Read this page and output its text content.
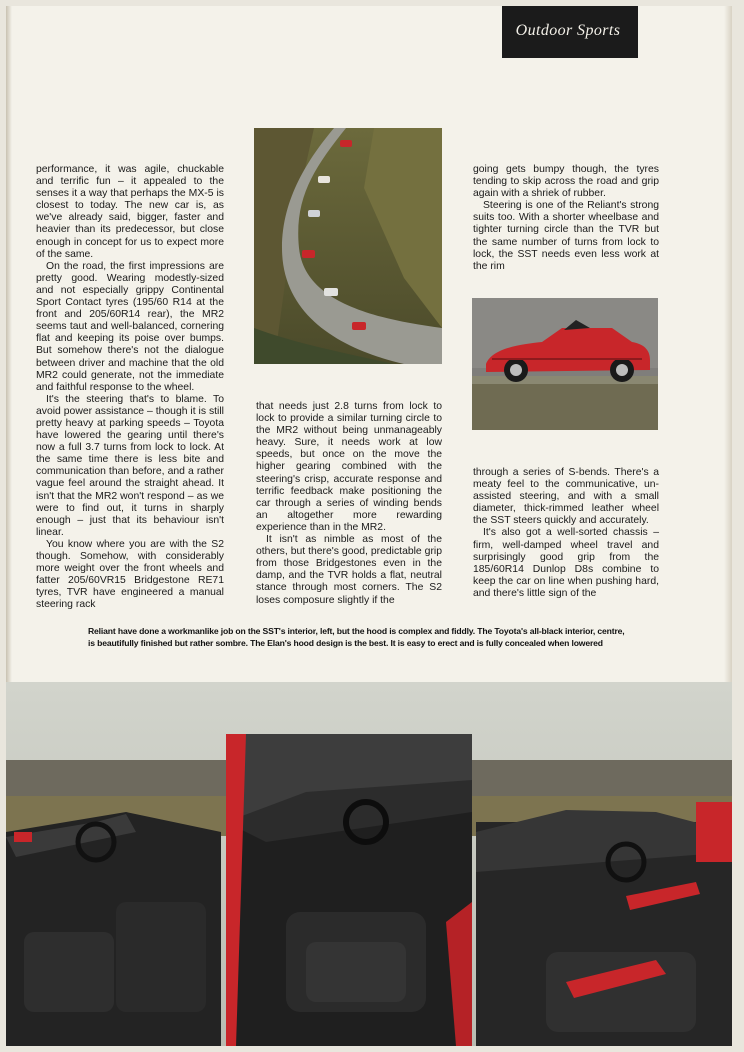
Outdoor Sports

performance, it was agile, chuckable and terrific fun – it appealed to the senses it a way that perhaps the MX-5 is closest to today. The new car is, as we've already said, bigger, faster and heavier than its predecessor, but close enough in concept for us to expect more of the same.

On the road, the first impressions are pretty good. Wearing modestly-sized and not especially grippy Continental Sport Contact tyres (195/60 R14 at the front and 205/60R14 rear), the MR2 seems taut and well-balanced, cornering flat and keeping its poise over bumps. But somehow there's not the dialogue between driver and machine that the old MR2 could generate, not the immediate and faithful response to the wheel.

It's the steering that's to blame. To avoid power assistance – though it is still pretty heavy at parking speeds – Toyota have lowered the gearing until there's now a full 3.7 turns from lock to lock. At the same time there is less bite and communication than before, and a rather vague feel around the straight ahead. It isn't that the MR2 won't respond – as we were to find out, it turns in sharply enough – just that its behaviour isn't linear.

You know where you are with the S2 though. Somehow, with considerably more weight over the front wheels and fatter 205/60VR15 Bridgestone RE71 tyres, TVR have engineered a manual steering rack

that needs just 2.8 turns from lock to lock to provide a similar turning circle to the MR2 without being unmanageably heavy. Sure, it needs work at low speeds, but once on the move the higher gearing combined with the steering's crisp, accurate response and terrific feedback make positioning the car through a series of winding bends an altogether more rewarding experience than in the MR2.

It isn't as nimble as most of the others, but there's good, predictable grip from those Bridgestones even in the damp, and the TVR holds a flat, neutral stance through most corners. The S2 loses composure slightly if the

going gets bumpy though, the tyres tending to skip across the road and grip again with a shriek of rubber.

Steering is one of the Reliant's strong suits too. With a shorter wheelbase and tighter turning circle than the TVR but the same number of turns from lock to lock, the SST needs even less work at the rim

through a series of S-bends. There's a meaty feel to the communicative, un-assisted steering, and with a small diameter, thick-rimmed leather wheel the SST steers quickly and accurately.

It's also got a well-sorted chassis – firm, well-damped wheel travel and surprisingly good grip from the 185/60R14 Dunlop D8s combine to keep the car on line when pushing hard, and there's little sign of the

Reliant have done a workmanlike job on the SST's interior, left, but the hood is complex and fiddly. The Toyota's all-black interior, centre, is beautifully finished but rather sombre. The Elan's hood design is the best. It is easy to erect and is fully concealed when lowered
